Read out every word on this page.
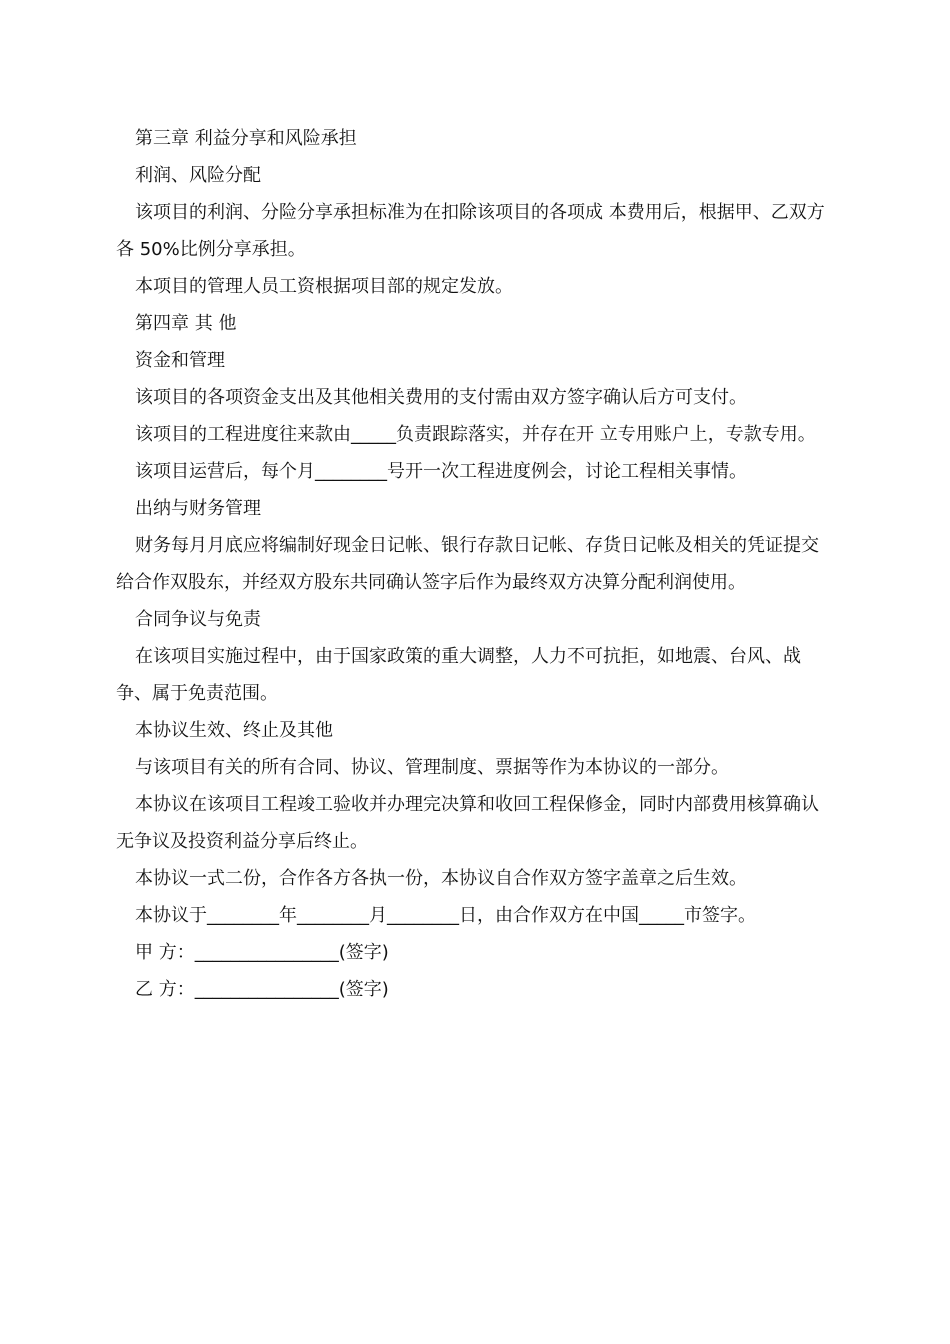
第三章 利益分享和风险承担

利润、风险分配

该项目的利润、分险分享承担标准为在扣除该项目的各项成 本费用后，根据甲、乙双方各 50%比例分享承担。

本项目的管理人员工资根据项目部的规定发放。

第四章 其 他

资金和管理

该项目的各项资金支出及其他相关费用的支付需由双方签字确认后方可支付。

该项目的工程进度往来款由_____负责跟踪落实，并存在开 立专用账户上，专款专用。

该项目运营后，每个月________号开一次工程进度例会，讨论工程相关事情。

出纳与财务管理

财务每月月底应将编制好现金日记帐、银行存款日记帐、存货日记帐及相关的凭证提交给合作双股东，并经双方股东共同确认签字后作为最终双方决算分配利润使用。

合同争议与免责

在该项目实施过程中，由于国家政策的重大调整，人力不可抗拒，如地震、台风、战争、属于免责范围。

本协议生效、终止及其他

与该项目有关的所有合同、协议、管理制度、票据等作为本协议的一部分。

本协议在该项目工程竣工验收并办理完决算和收回工程保修金，同时内部费用核算确认无争议及投资利益分享后终止。

本协议一式二份，合作各方各执一份，本协议自合作双方签字盖章之后生效。

本协议于________年________月________日，由合作双方在中国_____市签字。

甲 方：________________(签字)

乙 方：________________(签字)
